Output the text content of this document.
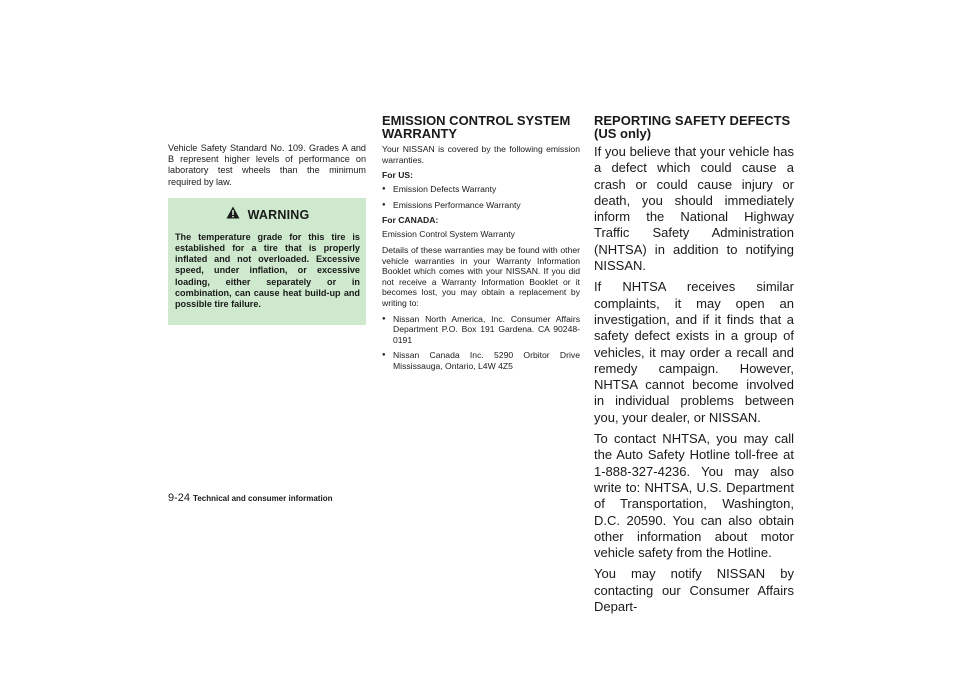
Vehicle Safety Standard No. 109. Grades A and B represent higher levels of performance on laboratory test wheels than the minimum required by law.

WARNING

The temperature grade for this tire is established for a tire that is properly inflated and not overloaded. Excessive speed, under inflation, or excessive loading, either separately or in combination, can cause heat build-up and possible tire failure.

EMISSION CONTROL SYSTEM WARRANTY

Your NISSAN is covered by the following emission warranties.

For US:

● Emission Defects Warranty
● Emissions Performance Warranty

For CANADA:

Emission Control System Warranty

Details of these warranties may be found with other vehicle warranties in your Warranty Information Booklet which comes with your NISSAN. If you did not receive a Warranty Information Booklet or it becomes lost, you may obtain a replacement by writing to:

● Nissan North America, Inc. Consumer Affairs Department P.O. Box 191 Gardena. CA 90248-0191
● Nissan Canada Inc. 5290 Orbitor Drive Mississauga, Ontario, L4W 4Z5
REPORTING SAFETY DEFECTS (US only)

If you believe that your vehicle has a defect which could cause a crash or could cause injury or death, you should immediately inform the National Highway Traffic Safety Administration (NHTSA) in addition to notifying NISSAN.

If NHTSA receives similar complaints, it may open an investigation, and if it finds that a safety defect exists in a group of vehicles, it may order a recall and remedy campaign. However, NHTSA cannot become involved in individual problems between you, your dealer, or NISSAN.

To contact NHTSA, you may call the Auto Safety Hotline toll-free at 1-888-327-4236. You may also write to: NHTSA, U.S. Department of Transportation, Washington, D.C. 20590. You can also obtain other information about motor vehicle safety from the Hotline.

You may notify NISSAN by contacting our Consumer Affairs Depart-

9-24 Technical and consumer information
